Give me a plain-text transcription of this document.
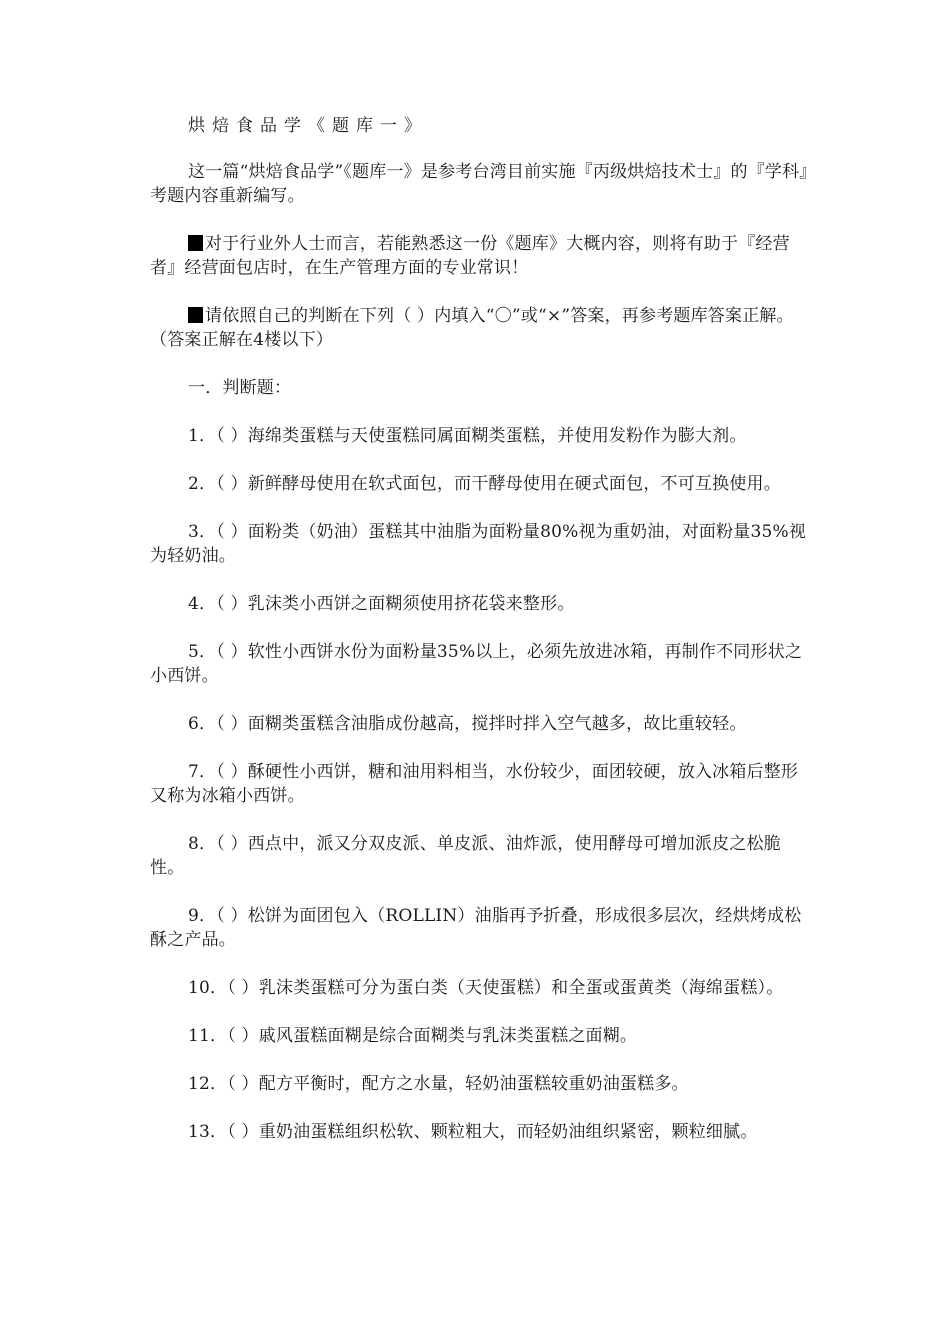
烘焙食品学《题库一》

这一篇“烘焙食品学”《题库一》是参考台湾目前实施『丙级烘焙技术士』的『学科』考题内容重新编写。

对于行业外人士而言，若能熟悉这一份《题库》大概内容，则将有助于『经营者』经营面包店时，在生产管理方面的专业常识！

请依照自己的判断在下列（ ）内填入“〇”或“×”答案，再参考题库答案正解。（答案正解在4楼以下）

一．判断题：

1．（ ）海绵类蛋糕与天使蛋糕同属面糊类蛋糕，并使用发粉作为膨大剂。

2．（ ）新鲜酵母使用在软式面包，而干酵母使用在硬式面包，不可互换使用。

3．（ ）面粉类（奶油）蛋糕其中油脂为面粉量80%视为重奶油，对面粉量35%视为轻奶油。

4．（ ）乳沫类小西饼之面糊须使用挤花袋来整形。

5．（ ）软性小西饼水份为面粉量35%以上，必须先放进冰箱，再制作不同形状之小西饼。

6．（ ）面糊类蛋糕含油脂成份越高，搅拌时拌入空气越多，故比重较轻。

7．（ ）酥硬性小西饼，糖和油用料相当，水份较少，面团较硬，放入冰箱后整形又称为冰箱小西饼。

8．（ ）西点中，派又分双皮派、单皮派、油炸派，使用酵母可增加派皮之松脆性。

9．（ ）松饼为面团包入（ROLLIN）油脂再予折叠，形成很多层次，经烘烤成松酥之产品。

10．（ ）乳沫类蛋糕可分为蛋白类（天使蛋糕）和全蛋或蛋黄类（海绵蛋糕）。

11．（ ）戚风蛋糕面糊是综合面糊类与乳沫类蛋糕之面糊。

12．（ ）配方平衡时，配方之水量，轻奶油蛋糕较重奶油蛋糕多。

13．（ ）重奶油蛋糕组织松软、颗粒粗大，而轻奶油组织紧密，颗粒细腻。
